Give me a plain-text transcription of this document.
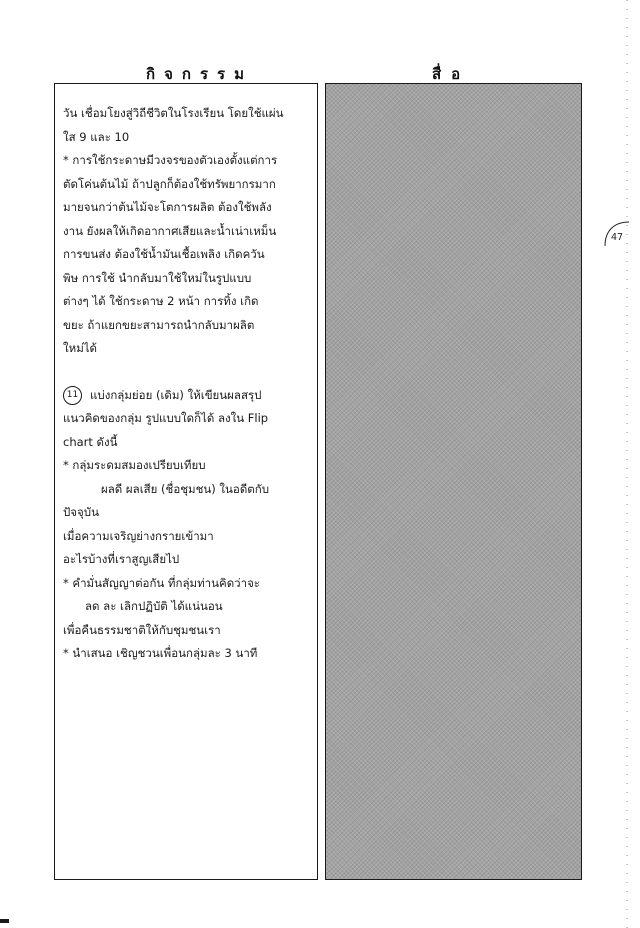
กิจกรรม	สื่อ
47
วัน เชื่อมโยงสู่วิถีชีวิตในโรงเรียน โดยใช้แผ่น
ใส 9 และ 10
* การใช้กระดาษมีวงจรของตัวเองตั้งแต่การ
ตัดโค่นต้นไม้ ถ้าปลูกก็ต้องใช้ทรัพยากรมาก
มายจนกว่าต้นไม้จะโตการผลิต ต้องใช้พลัง
งาน ยังผลให้เกิดอากาศเสียและน้ำเน่าเหม็น
การขนส่ง ต้องใช้น้ำมันเชื้อเพลิง เกิดควัน
พิษ การใช้ นำกลับมาใช้ใหม่ในรูปแบบ
ต่างๆ ได้ ใช้กระดาษ 2 หน้า การทิ้ง เกิด
ขยะ ถ้าแยกขยะสามารถนำกลับมาผลิต
ใหม่ได้
11 แบ่งกลุ่มย่อย (เดิม) ให้เขียนผลสรุป
แนวคิดของกลุ่ม รูปแบบใดก็ได้ ลงใน Flip
chart ดังนี้
* กลุ่มระดมสมองเปรียบเทียบ
ผลดี ผลเสีย (ชื่อชุมชน) ในอดีตกับ
ปัจจุบัน
เมื่อความเจริญย่างกรายเข้ามา
อะไรบ้างที่เราสูญเสียไป
* คำมั่นสัญญาต่อกัน ที่กลุ่มท่านคิดว่าจะ
ลด ละ เลิกปฏิบัติ ได้แน่นอน
เพื่อคืนธรรมชาติให้กับชุมชนเรา
* นำเสนอ เชิญชวนเพื่อนกลุ่มละ 3 นาที
